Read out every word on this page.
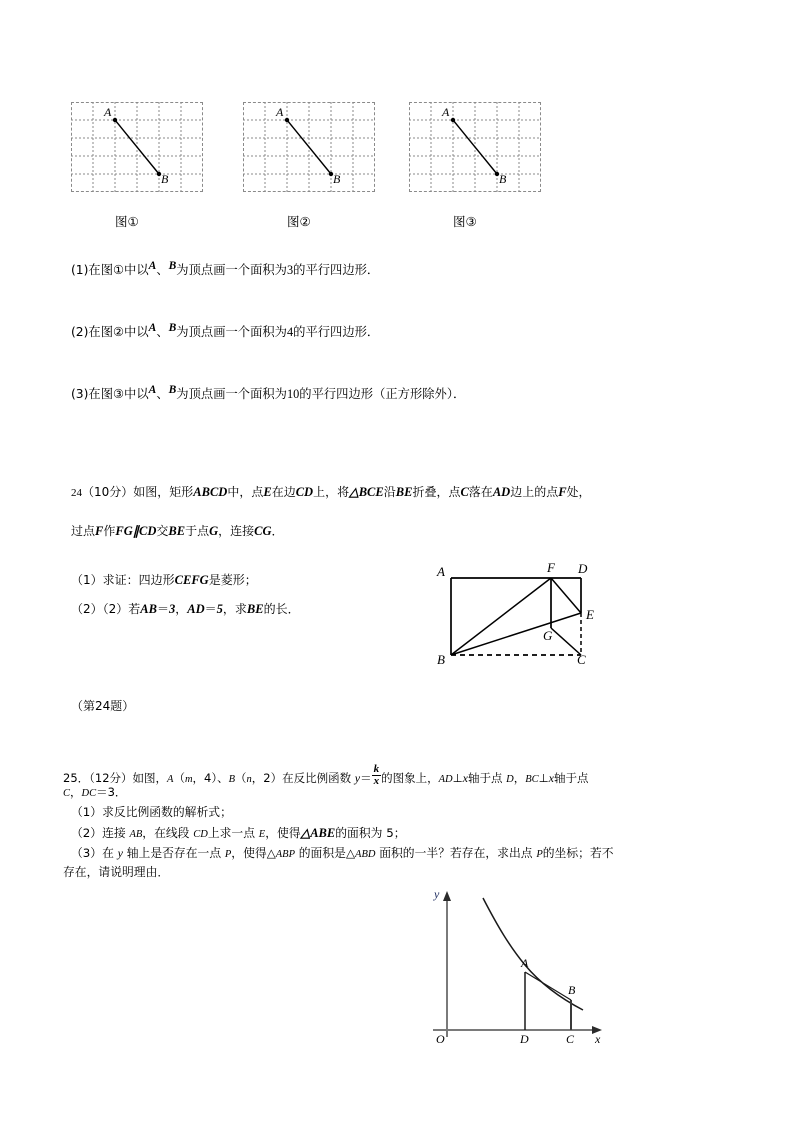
A
B
图①
A
B
图②
A
B
图③
(1)在图①中以A、B为顶点画一个面积为3的平行四边形．
(2)在图②中以A、B为顶点画一个面积为4的平行四边形．
(3)在图③中以A、B为顶点画一个面积为10的平行四边形（正方形除外）．
24（10分）如图，矩形ABCD中，点E在边CD上，将△BCE沿BE折叠，点C落在AD边上的点F处，
过点F作FG∥CD交BE于点G，连接CG．
（1）求证：四边形CEFG是菱形；
（2）（2）若AB＝3，AD＝5，求BE的长．
A
B	C
D
E
F
G
（第24题）
25．（12分）如图，A（m，4）、B（n，2）在反比例函数 $y= \frac{k}{x}$ 的图象上，AD⊥x轴于点 D，BC⊥x轴于点
C，DC＝3．
（1）求反比例函数的解析式；
（2）连接 AB，在线段 CD上求一点 E，使得△ABE的面积为 5；
（3）在 y 轴上是否存在一点 P，使得△ABP 的面积是△ABD 面积的一半？若存在，求出点 P的坐标；若不
存在，请说明理由．
y
x
O
A
B
D	C
